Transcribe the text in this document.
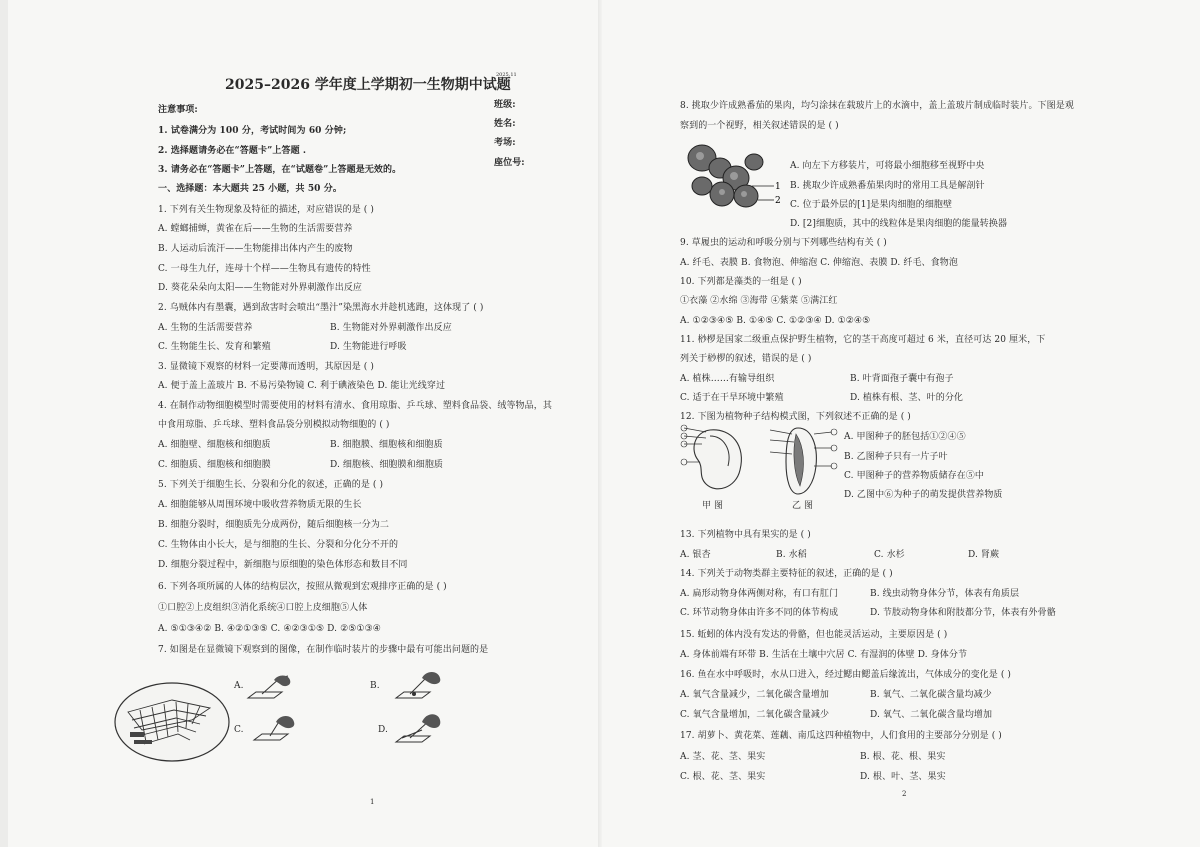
2025–2026 学年度上学期初一生物期中试题
2025.11
注意事项:
1. 试卷满分为 100 分，考试时间为 60 分钟;
2. 选择题请务必在“答题卡”上答题 .
3. 请务必在“答题卡”上答题，在“试题卷”上答题是无效的。
班级:
姓名:
考场:
座位号:
一、选择题：本大题共 25 小题，共 50 分。
1. 下列有关生物现象及特征的描述，对应错误的是 ( )
A. 螳螂捕蝉，黄雀在后——生物的生活需要营养
B. 人运动后流汗——生物能排出体内产生的废物
C. 一母生九仔，连母十个样——生物具有遗传的特性
D. 葵花朵朵向太阳——生物能对外界刺激作出反应
2. 乌贼体内有墨囊，遇到敌害时会喷出“墨汁”染黑海水并趁机逃跑，这体现了 ( )
A. 生物的生活需要营养	B. 生物能对外界刺激作出反应
C. 生物能生长、发育和繁殖	D. 生物能进行呼吸
3. 显微镜下观察的材料一定要薄而透明，其原因是 ( )
A. 便于盖上盖玻片 B. 不易污染物镜 C. 利于碘液染色 D. 能让光线穿过
4. 在制作动物细胞模型时需要使用的材料有清水、食用琼脂、乒乓球、塑料食品袋、绒等物品，其
中食用琼脂、乒乓球、塑料食品袋分别模拟动物细胞的 ( )
A. 细胞壁、细胞核和细胞质	B. 细胞膜、细胞核和细胞质
C. 细胞质、细胞核和细胞膜	D. 细胞核、细胞膜和细胞质
5. 下列关于细胞生长、分裂和分化的叙述，正确的是 ( )
A. 细胞能够从周围环境中吸收营养物质无限的生长
B. 细胞分裂时，细胞质先分成两份，随后细胞核一分为二
C. 生物体由小长大，是与细胞的生长、分裂和分化分不开的
D. 细胞分裂过程中，新细胞与原细胞的染色体形态和数目不同
6. 下列各项所属的人体的结构层次，按照从微观到宏观排序正确的是 ( )
①口腔②上皮组织③消化系统④口腔上皮细胞⑤人体
A. ⑤①③④② B. ④②①③⑤ C. ④②③①⑤ D. ②⑤①③④
7. 如图是在显微镜下观察到的图像，在制作临时装片的步骤中最有可能出问题的是
A.	B.
C.	D.
1
8. 挑取少许成熟番茄的果肉，均匀涂抹在载玻片上的水滴中，盖上盖玻片制成临时装片。下图是观
察到的一个视野，相关叙述错误的是 ( )
1
2
A. 向左下方移装片，可将最小细胞移至视野中央
B. 挑取少许成熟番茄果肉时的常用工具是解剖针
C. 位于最外层的[1]是果肉细胞的细胞壁
D. [2]细胞质，其中的线粒体是果肉细胞的能量转换器
9. 草履虫的运动和呼吸分别与下列哪些结构有关 ( )
A. 纤毛、表膜 B. 食物泡、伸缩泡 C. 伸缩泡、表膜 D. 纤毛、食物泡
10. 下列都是藻类的一组是 ( )
①衣藻 ②水绵 ③海带 ④紫菜 ⑤满江红
A. ①②③④⑤ B. ①④⑤ C. ①②③④ D. ①②④⑤
11. 桫椤是国家二级重点保护野生植物，它的茎干高度可超过 6 米，直径可达 20 厘米，下
列关于桫椤的叙述，错误的是 ( )
A. 植株……有输导组织	B. 叶背面孢子囊中有孢子
C. 适于在干旱环境中繁殖	D. 植株有根、茎、叶的分化
12. 下图为植物种子结构模式图，下列叙述不正确的是 ( )
A. 甲图种子的胚包括①②④⑤
B. 乙图种子只有一片子叶
C. 甲图种子的营养物质储存在⑤中
D. 乙图中⑥为种子的萌发提供营养物质
甲 图	乙 图
13. 下列植物中具有果实的是 ( )
A. 银杏	B. 水稻	C. 水杉	D. 肾蕨
14. 下列关于动物类群主要特征的叙述，正确的是 ( )
A. 扁形动物身体两侧对称，有口有肛门	B. 线虫动物身体分节，体表有角质层
C. 环节动物身体由许多不同的体节构成	D. 节肢动物身体和附肢都分节，体表有外骨骼
15. 蚯蚓的体内没有发达的骨骼，但也能灵活运动，主要原因是 ( )
A. 身体前端有环带 B. 生活在土壤中穴居 C. 有湿润的体壁 D. 身体分节
16. 鱼在水中呼吸时，水从口进入，经过鳃由鳃盖后缘流出，气体成分的变化是 ( )
A. 氧气含量减少，二氧化碳含量增加	B. 氧气、二氧化碳含量均减少
C. 氧气含量增加，二氧化碳含量减少	D. 氧气、二氧化碳含量均增加
17. 胡萝卜、黄花菜、莲藕、南瓜这四种植物中，人们食用的主要部分分别是 ( )
A. 茎、花、茎、果实	B. 根、花、根、果实
C. 根、花、茎、果实	D. 根、叶、茎、果实
2
